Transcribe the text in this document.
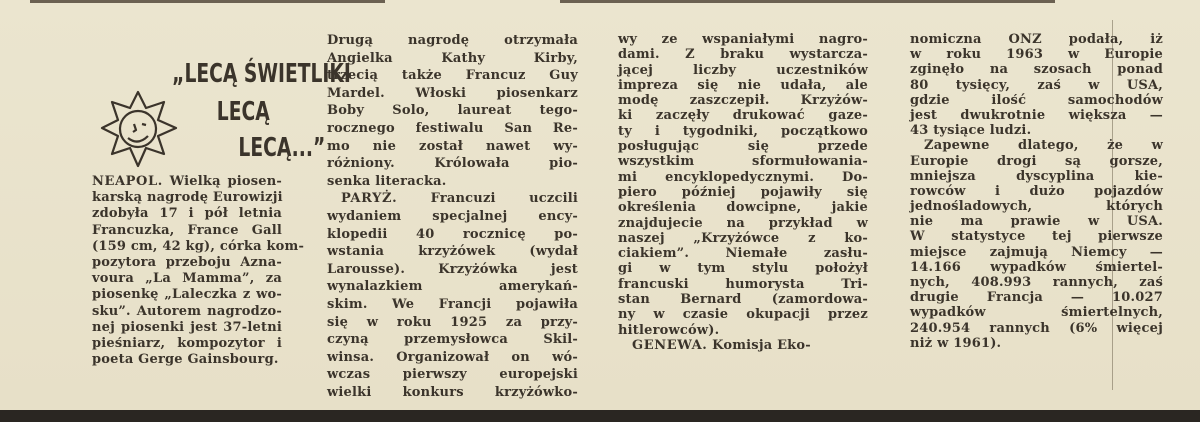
„LECĄ ŚWIETLIKI
LECĄ
LECĄ...”
NEAPOL. Wielką piosen-
karską nagrodę Eurowizji
zdobyła 17 i pół letnia
Francuzka, France Gall
(159 cm, 42 kg), córka kom-
pozytora przeboju Azna-
voura „La Mamma”, za
piosenkę „Laleczka z wo-
sku”. Autorem nagrodzo-
nej piosenki jest 37-letni
pieśniarz, kompozytor i
poeta Gerge Gainsbourg.
Drugą nagrodę otrzymała
Angielka Kathy Kirby,
trzecią także Francuz Guy
Mardel. Włoski piosenkarz
Boby Solo, laureat tego-
rocznego festiwalu San Re-
mo nie został nawet wy-
różniony. Królowała pio-
senka literacka.
PARYŻ. Francuzi uczcili
wydaniem specjalnej ency-
klopedii 40 rocznicę po-
wstania krzyżówek (wydał
Larousse). Krzyżówka jest
wynalazkiem amerykań-
skim. We Francji pojawiła
się w roku 1925 za przy-
czyną przemysłowca Skil-
winsa. Organizował on wó-
wczas pierwszy europejski
wielki konkurs krzyżówko-
wy ze wspaniałymi nagro-
dami. Z braku wystarcza-
jącej liczby uczestników
impreza się nie udała, ale
modę zaszczepił. Krzyżów-
ki zaczęły drukować gaze-
ty i tygodniki, początkowo
posługując się przede
wszystkim sformułowania-
mi encyklopedycznymi. Do-
piero później pojawiły się
określenia dowcipne, jakie
znajdujecie na przykład w
naszej „Krzyżówce z ko-
ciakiem”. Niemałe zasłu-
gi w tym stylu położył
francuski humorysta Tri-
stan Bernard (zamordowa-
ny w czasie okupacji przez
hitlerowców).
GENEWA. Komisja Eko-
nomiczna ONZ podała, iż
w roku 1963 w Europie
zginęło na szosach ponad
80 tysięcy, zaś w USA,
gdzie ilość samochodów
jest dwukrotnie większa —
43 tysiące ludzi.
Zapewne dlatego, że w
Europie drogi są gorsze,
mniejsza dyscyplina kie-
rowców i dużo pojazdów
jednośladowych, których
nie ma prawie w USA.
W statystyce tej pierwsze
miejsce zajmują Niemcy —
14.166 wypadków śmiertel-
nych, 408.993 rannych, zaś
drugie Francja — 10.027
wypadków śmiertelnych,
240.954 rannych (6% więcej
niż w 1961).
